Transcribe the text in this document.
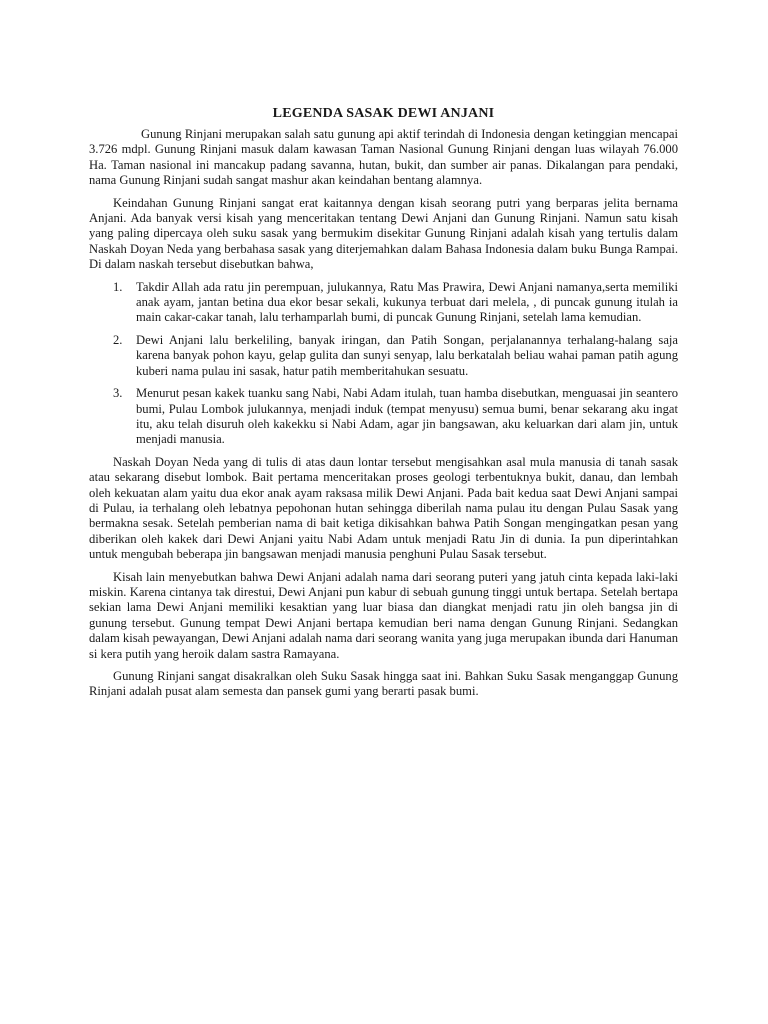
LEGENDA SASAK DEWI ANJANI

Gunung Rinjani merupakan salah satu gunung api aktif terindah di Indonesia dengan ketinggian mencapai 3.726 mdpl. Gunung Rinjani masuk dalam kawasan Taman Nasional Gunung Rinjani dengan luas wilayah 76.000 Ha. Taman nasional ini mancakup padang savanna, hutan, bukit, dan sumber air panas. Dikalangan para pendaki, nama Gunung Rinjani sudah sangat mashur akan keindahan bentang alamnya.

Keindahan Gunung Rinjani sangat erat kaitannya dengan kisah seorang putri yang berparas jelita bernama Anjani. Ada banyak versi kisah yang menceritakan tentang Dewi Anjani dan Gunung Rinjani. Namun satu kisah yang paling dipercaya oleh suku sasak yang bermukim disekitar Gunung Rinjani adalah kisah yang tertulis dalam Naskah Doyan Neda yang berbahasa sasak yang diterjemahkan dalam Bahasa Indonesia dalam buku Bunga Rampai. Di dalam naskah tersebut disebutkan bahwa,

1. Takdir Allah ada ratu jin perempuan, julukannya, Ratu Mas Prawira, Dewi Anjani namanya,serta memiliki anak ayam, jantan betina dua ekor besar sekali, kukunya terbuat dari melela, , di puncak gunung itulah ia main cakar-cakar tanah, lalu terhamparlah bumi, di puncak Gunung Rinjani, setelah lama kemudian.
2. Dewi Anjani lalu berkeliling, banyak iringan, dan Patih Songan, perjalanannya terhalang-halang saja karena banyak pohon kayu, gelap gulita dan sunyi senyap, lalu berkatalah beliau wahai paman patih agung kuberi nama pulau ini sasak, hatur patih memberitahukan sesuatu.
3. Menurut pesan kakek tuanku sang Nabi, Nabi Adam itulah, tuan hamba disebutkan, menguasai jin seantero bumi, Pulau Lombok julukannya, menjadi induk (tempat menyusu) semua bumi, benar sekarang aku ingat itu, aku telah disuruh oleh kakekku si Nabi Adam, agar jin bangsawan, aku keluarkan dari alam jin, untuk menjadi manusia.

Naskah Doyan Neda yang di tulis di atas daun lontar tersebut mengisahkan asal mula manusia di tanah sasak atau sekarang disebut lombok. Bait pertama menceritakan proses geologi terbentuknya bukit, danau, dan lembah oleh kekuatan alam yaitu dua ekor anak ayam raksasa milik Dewi Anjani. Pada bait kedua saat Dewi Anjani sampai di Pulau, ia terhalang oleh lebatnya pepohonan hutan sehingga diberilah nama pulau itu dengan Pulau Sasak yang bermakna sesak. Setelah pemberian nama di bait ketiga dikisahkan bahwa Patih Songan mengingatkan pesan yang diberikan oleh kakek dari Dewi Anjani yaitu Nabi Adam untuk menjadi Ratu Jin di dunia. Ia pun diperintahkan untuk mengubah beberapa jin bangsawan menjadi manusia penghuni Pulau Sasak tersebut.

Kisah lain menyebutkan bahwa Dewi Anjani adalah nama dari seorang puteri yang jatuh cinta kepada laki-laki miskin. Karena cintanya tak direstui, Dewi Anjani pun kabur di sebuah gunung tinggi untuk bertapa. Setelah bertapa sekian lama Dewi Anjani memiliki kesaktian yang luar biasa dan diangkat menjadi ratu jin oleh bangsa jin di gunung tersebut. Gunung tempat Dewi Anjani bertapa kemudian beri nama dengan Gunung Rinjani. Sedangkan dalam kisah pewayangan, Dewi Anjani adalah nama dari seorang wanita yang juga merupakan ibunda dari Hanuman si kera putih yang heroik dalam sastra Ramayana.

Gunung Rinjani sangat disakralkan oleh Suku Sasak hingga saat ini. Bahkan Suku Sasak menganggap Gunung Rinjani adalah pusat alam semesta dan pansek gumi yang berarti pasak bumi.
